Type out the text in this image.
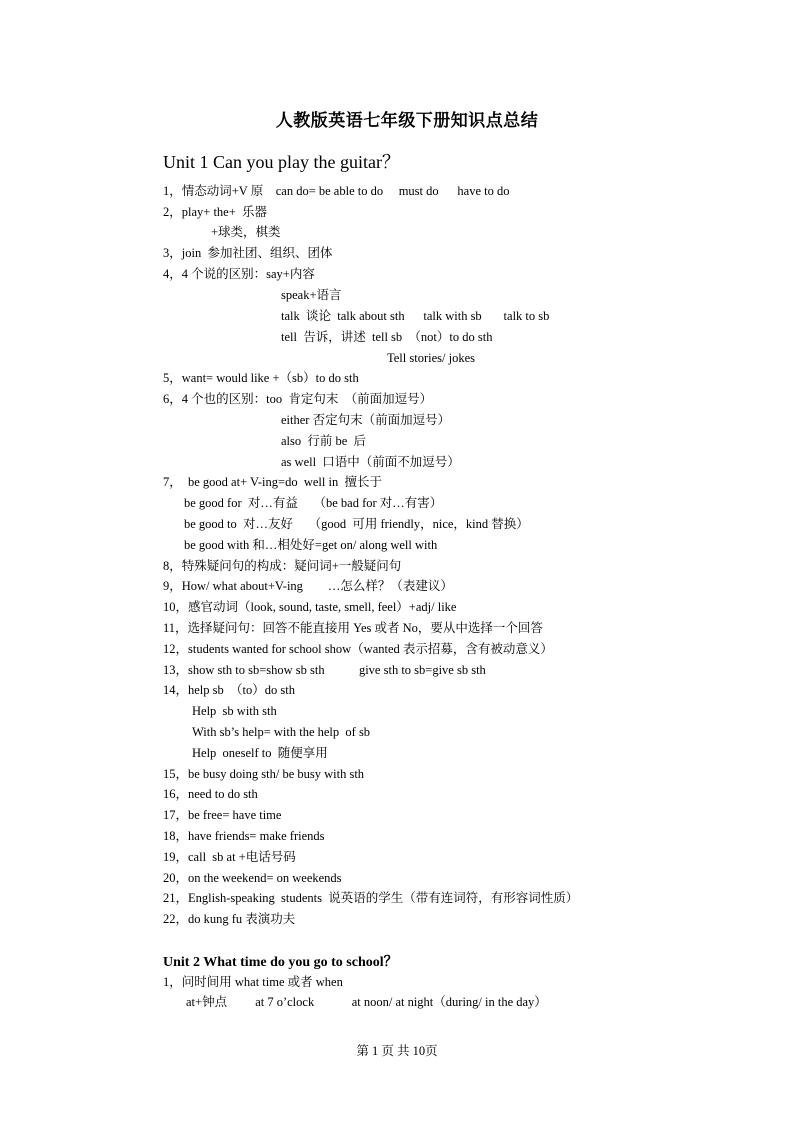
人教版英语七年级下册知识点总结
Unit 1 Can you play the guitar？
1，情态动词+V 原    can do= be able to do     must do      have to do
2，play+ the+  乐器
+球类，棋类
3，join  参加社团、组织、团体
4，4 个说的区别：say+内容
speak+语言
talk  谈论  talk about sth      talk with sb       talk to sb
tell  告诉，讲述  tell sb  （not）to do sth
Tell stories/ jokes
5，want= would like +（sb）to do sth
6，4 个也的区别：too  肯定句末  （前面加逗号）
either 否定句末（前面加逗号）
also  行前 be  后
as well  口语中（前面不加逗号）
7，  be good at+ V-ing=do  well in  擅长于
be good for  对…有益     （be bad for 对…有害）
be good to  对…友好     （good  可用 friendly，nice，kind 替换）
be good with 和…相处好=get on/ along well with
8，特殊疑问句的构成：疑问词+一般疑问句
9，How/ what about+V-ing        …怎么样？（表建议）
10，感官动词（look, sound, taste, smell, feel）+adj/ like
11，选择疑问句：回答不能直接用 Yes 或者 No，要从中选择一个回答
12，students wanted for school show（wanted 表示招募，含有被动意义）
13，show sth to sb=show sb sth           give sth to sb=give sb sth
14，help sb  （to）do sth
Help  sb with sth
With sb’s help= with the help  of sb
Help  oneself to  随便享用
15，be busy doing sth/ be busy with sth
16，need to do sth
17，be free= have time
18，have friends= make friends
19，call  sb at +电话号码
20，on the weekend= on weekends
21，English-speaking  students  说英语的学生（带有连词符，有形容词性质）
22，do kung fu 表演功夫
Unit 2 What time do you go to school？
1，问时间用 what time 或者 when
at+钟点         at 7 o’clock            at noon/ at night（during/ in the day）
第 1 页 共 10页
